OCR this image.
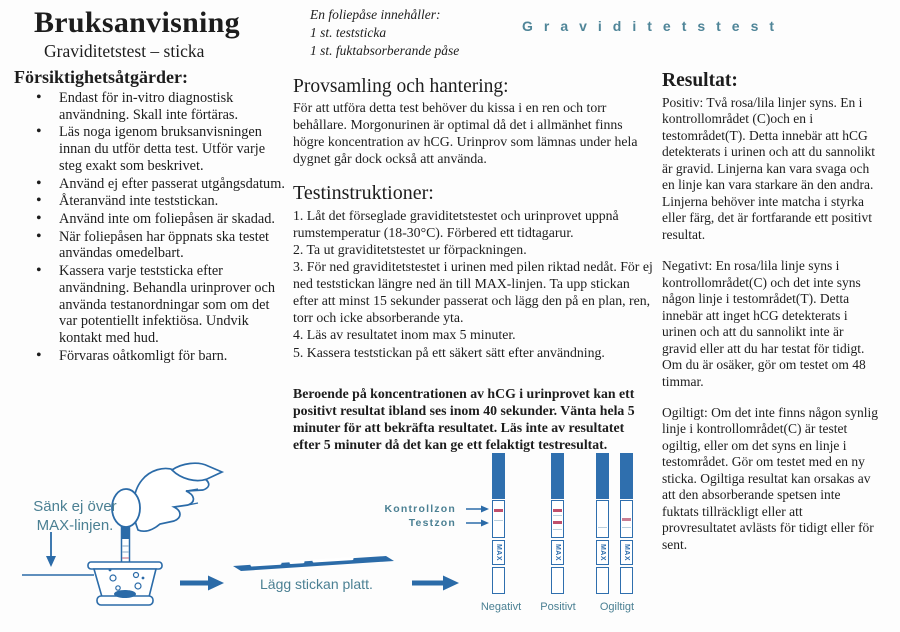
Graviditetstest
Bruksanvisning
Graviditetstest – sticka
Försiktighetsåtgärder:
• Endast för in-vitro diagnostisk användning. Skall inte förtäras.
• Läs noga igenom bruksanvisningen innan du utför detta test. Utför varje steg exakt som beskrivet.
• Använd ej efter passerat utgångsdatum.
• Återanvänd inte teststickan.
• Använd inte om foliepåsen är skadad.
• När foliepåsen har öppnats ska testet användas omedelbart.
• Kassera varje teststicka efter användning. Behandla urinprover och använda testanordningar som om det var potentiellt infektiösa. Undvik kontakt med hud.
• Förvaras oåtkomligt för barn.
En foliepåse innehåller:
1 st. teststicka
1 st. fuktabsorberande påse
Provsamling och hantering:
För att utföra detta test behöver du kissa i en ren och torr behållare. Morgonurinen är optimal då det i allmänhet finns högre koncentration av hCG. Urinprov som lämnas under hela dygnet går dock också att använda.
Testinstruktioner:
1. Låt det förseglade graviditetstestet och urinprovet uppnå rumstemperatur (18-30°C). Förbered ett tidtagarur.
2. Ta ut graviditetstestet ur förpackningen.
3. För ned graviditetstestet i urinen med pilen riktad nedåt. För ej ned teststickan längre ned än till MAX-linjen. Ta upp stickan efter att minst 15 sekunder passerat och lägg den på en plan, ren, torr och icke absorberande yta.
4. Läs av resultatet inom max 5 minuter.
5. Kassera teststickan på ett säkert sätt efter användning.
Beroende på koncentrationen av hCG i urinprovet kan ett positivt resultat ibland ses inom 40 sekunder. Vänta hela 5 minuter för att bekräfta resultatet. Läs inte av resultatet efter 5 minuter då det kan ge ett felaktigt testresultat.
Resultat:

Positiv: Två rosa/lila linjer syns. En i kontrollområdet (C)och en i testområdet(T). Detta innebär att hCG detekterats i urinen och att du sannolikt är gravid. Linjerna kan vara svaga och en linje kan vara starkare än den andra. Linjerna behöver inte matcha i styrka eller färg, det är fortfarande ett positivt resultat.

Negativt: En rosa/lila linje syns i kontrollområdet(C) och det inte syns någon linje i testområdet(T). Detta innebär att inget hCG detekterats i urinen och att du sannolikt inte är gravid eller att du har testat för tidigt. Om du är osäker, gör om testet om 48 timmar.

Ogiltigt: Om det inte finns någon synlig linje i kontrollområdet(C) är testet ogiltig, eller om det syns en linje i testområdet. Gör om testet med en ny sticka. Ogiltiga resultat kan orsakas av att den absorberande spetsen inte fuktats tillräckligt eller att provresultatet avlästs för tidigt eller för sent.

Sänk ej över MAX-linjen.
Lägg stickan platt.
Kontrollzon
Testzon
MAX	MAX	MAX MAX
Negativt	Positivt	Ogiltigt
